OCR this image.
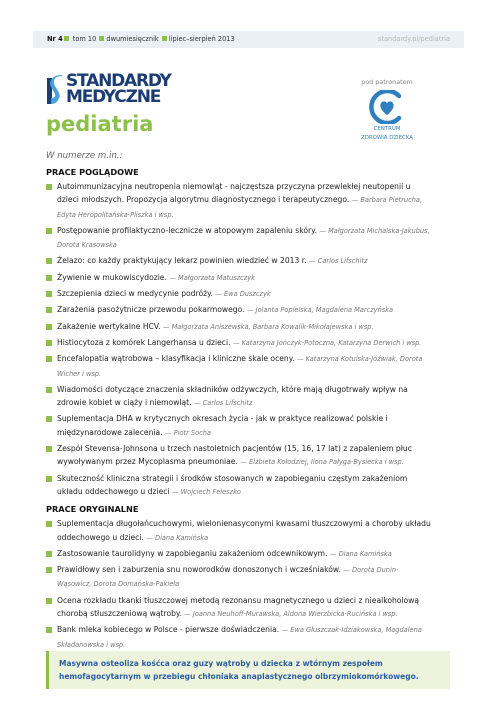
Nr 4 tom 10 dwumiesięcznik lipiec–sierpień 2013	standardy.pl/pediatria
STANDARDY
MEDYCZNE
pediatria
pod patronatem
CENTRUM
ZDROWIA DZIECKA
W numerze m.in.:
PRACE POGLĄDOWE
Autoimmunizacyjna neutropenia niemowląt - najczęstsza przyczyna przewlekłej neutopenii u dzieci młodszych. Propozycja algorytmu diagnostycznego i terapeutycznego. — Barbara Pietrucha, Edyta Heropolitańska-Pliszka i wsp.
Postępowanie profilaktyczno-lecznicze w atopowym zapaleniu skóry. — Małgorzata Michalska-Jakubus, Dorota Krasowska
Żelazo: co każdy praktykujący lekarz powinien wiedzieć w 2013 r. — Carlos Lifschitz
Żywienie w mukowiscydozie. — Małgorzata Matuszczyk
Szczepienia dzieci w medycynie podróży. — Ewa Duszczyk
Zarażenia pasożytnicze przewodu pokarmowego. — Jolanta Popielska, Magdalena Marczyńska
Zakażenie wertykalne HCV. — Małgorzata Aniszewska, Barbara Kowalik-Mikołajewska i wsp.
Histiocytoza z komórek Langerhansa u dzieci. — Katarzyna Jończyk-Potoczna, Katarzyna Derwich i wsp.
Encefalopatia wątrobowa – klasyfikacja i kliniczne skale oceny. — Katarzyna Kotulska-Jóźwiak, Dorota Wicher i wsp.
Wiadomości dotyczące znaczenia składników odżywczych, które mają długotrwały wpływ na zdrowie kobiet w ciąży i niemowląt. — Carlos Lifschitz
Suplementacja DHA w krytycznych okresach życia - jak w praktyce realizować polskie i międzynarodowe zalecenia. — Piotr Socha
Zespół Stevensa-Johnsona u trzech nastoletnich pacjentów (15, 16, 17 lat) z zapaleniem płuc wywoływanym przez Mycoplasma pneumoniae. — Elżbieta Kołodziej, Ilona Pałyga-Bysiecka i wsp.
Skuteczność kliniczna strategii i środków stosowanych w zapobieganiu częstym zakażeniom układu oddechowego u dzieci — Wojciech Feleszko
PRACE ORYGINALNE
Suplementacja długołańcuchowymi, wielonienasyconymi kwasami tłuszczowymi a choroby układu oddechowego u dzieci. — Diana Kamińska
Zastosowanie taurolidyny w zapobieganiu zakażeniom odcewnikowym. — Diana Kamińska
Prawidłowy sen i zaburzenia snu noworodków donoszonych i wcześniaków. — Dorota Dunin-Wąsowicz, Dorota Domańska-Pakieła
Ocena rozkładu tkanki tłuszczowej metodą rezonansu magnetycznego u dzieci z niealkoholową chorobą stłuszczeniową wątroby. — Joanna Neuhoff-Murawska, Aldona Wierzbicka-Rucińska i wsp.
Bank mleka kobiecego w Polsce - pierwsze doświadczenia. — Ewa Głuszczak-Idziakowska, Magdalena Składanowska i wsp.
Masywna osteoliza kośćca oraz guzy wątroby u dziecka z wtórnym zespołem hemofagocytarnym w przebiegu chłoniaka anaplastycznego olbrzymiokomórkowego.
